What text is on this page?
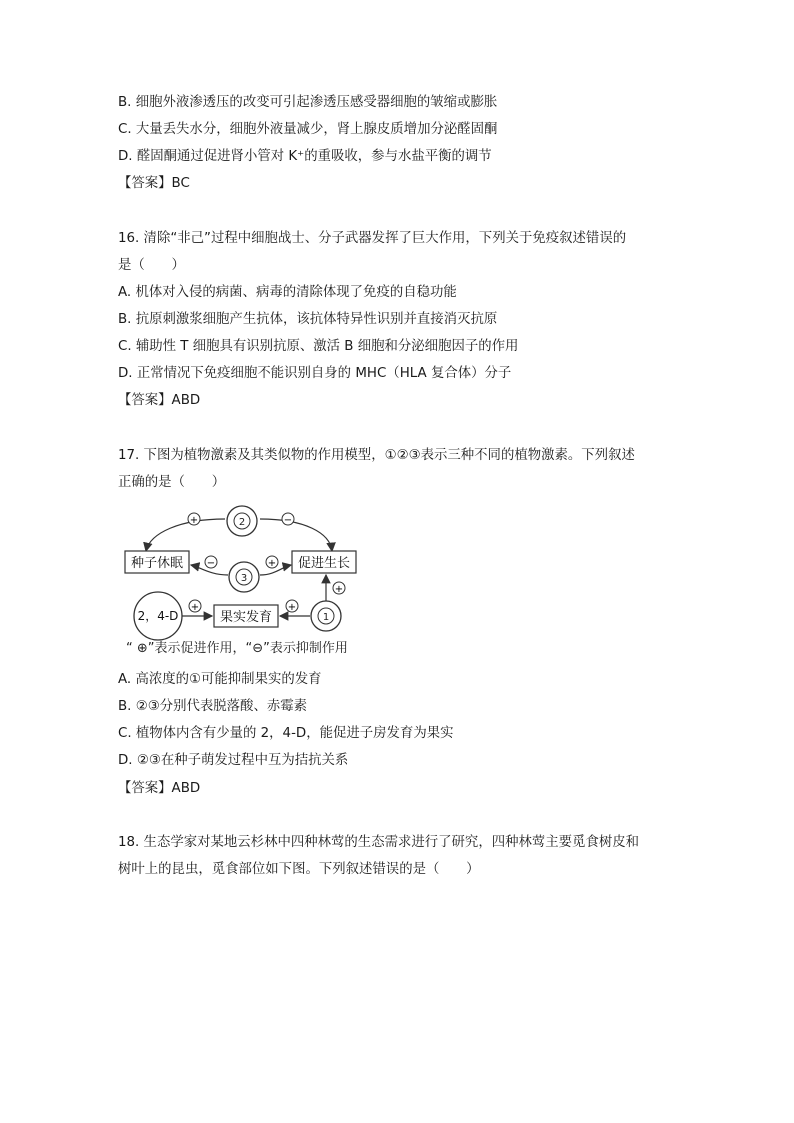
B. 细胞外液渗透压的改变可引起渗透压感受器细胞的皱缩或膨胀
C. 大量丢失水分，细胞外液量减少，肾上腺皮质增加分泌醛固酮
D. 醛固酮通过促进肾小管对 K⁺的重吸收，参与水盐平衡的调节
【答案】BC
16. 清除“非己”过程中细胞战士、分子武器发挥了巨大作用，下列关于免疫叙述错误的
是（　　）
A. 机体对入侵的病菌、病毒的清除体现了免疫的自稳功能
B. 抗原刺激浆细胞产生抗体，该抗体特异性识别并直接消灭抗原
C. 辅助性 T 细胞具有识别抗原、激活 B 细胞和分泌细胞因子的作用
D. 正常情况下免疫细胞不能识别自身的 MHC（HLA 复合体）分子
【答案】ABD
17. 下图为植物激素及其类似物的作用模型，①②③表示三种不同的植物激素。下列叙述
正确的是（　　）
2
+	−
种子休眠	促进生长
3
−	+
1
+
果实发育
+
2，4-D
+
“ ⊕”表示促进作用，“⊖”表示抑制作用
A. 高浓度的①可能抑制果实的发育
B. ②③分别代表脱落酸、赤霉素
C. 植物体内含有少量的 2，4-D，能促进子房发育为果实
D. ②③在种子萌发过程中互为拮抗关系
【答案】ABD
18. 生态学家对某地云杉林中四种林莺的生态需求进行了研究，四种林莺主要觅食树皮和
树叶上的昆虫，觅食部位如下图。下列叙述错误的是（　　）
